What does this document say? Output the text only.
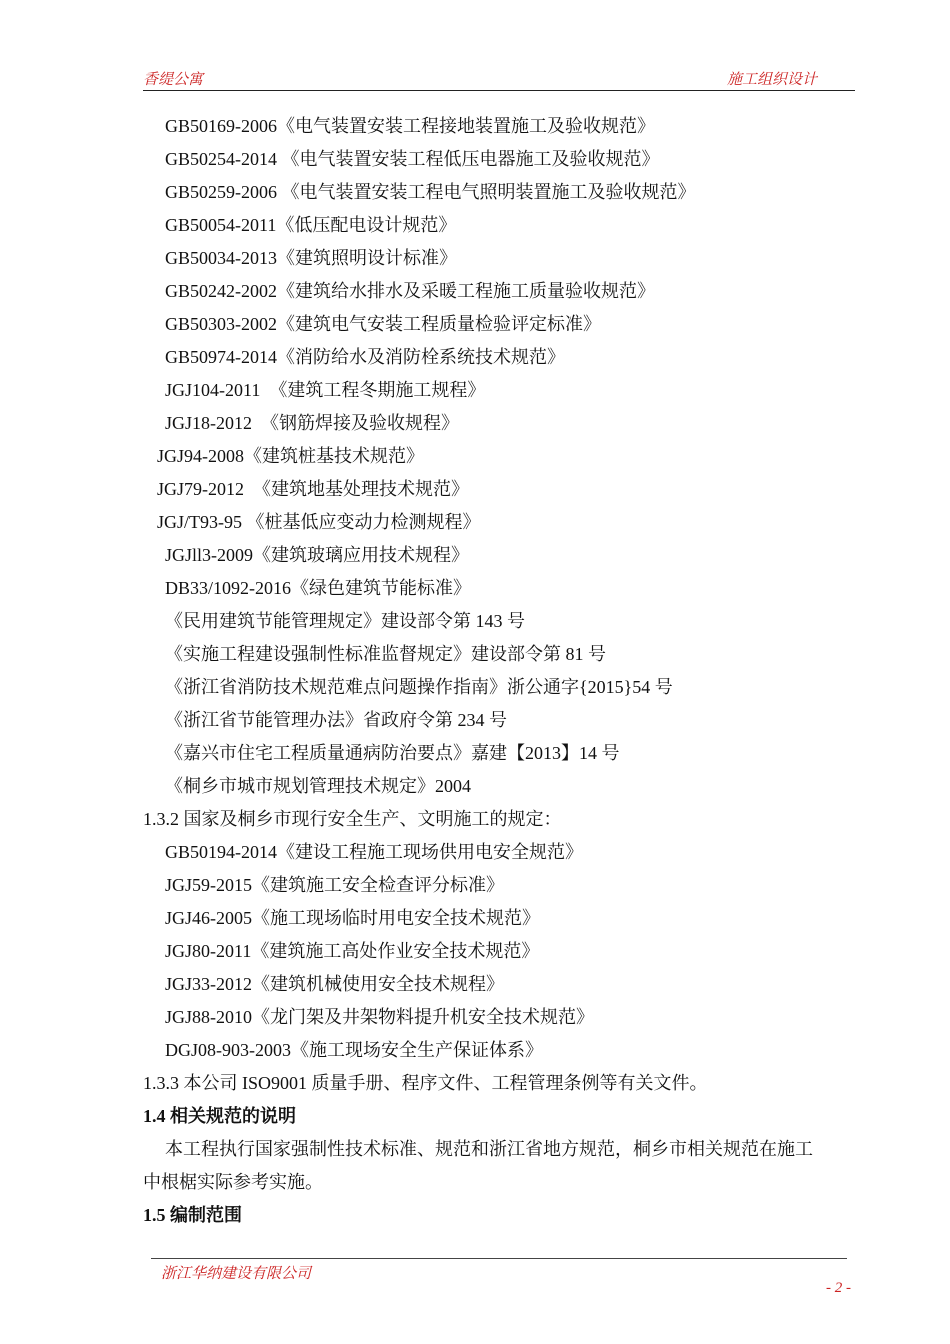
香缇公寓	施工组织设计
GB50169-2006《电气装置安装工程接地装置施工及验收规范》
GB50254-2014 《电气装置安装工程低压电器施工及验收规范》
GB50259-2006 《电气装置安装工程电气照明装置施工及验收规范》
GB50054-2011《低压配电设计规范》
GB50034-2013《建筑照明设计标准》
GB50242-2002《建筑给水排水及采暖工程施工质量验收规范》
GB50303-2002《建筑电气安装工程质量检验评定标准》
GB50974-2014《消防给水及消防栓系统技术规范》
JGJ104-2011  《建筑工程冬期施工规程》
JGJ18-2012  《钢筋焊接及验收规程》
JGJ94-2008《建筑桩基技术规范》
JGJ79-2012  《建筑地基处理技术规范》
JGJ/T93-95 《桩基低应变动力检测规程》
JGJll3-2009《建筑玻璃应用技术规程》
DB33/1092-2016《绿色建筑节能标准》
《民用建筑节能管理规定》建设部令第 143 号
《实施工程建设强制性标准监督规定》建设部令第 81 号
《浙江省消防技术规范难点问题操作指南》浙公通字{2015}54 号
《浙江省节能管理办法》省政府令第 234 号
《嘉兴市住宅工程质量通病防治要点》嘉建【2013】14 号
《桐乡市城市规划管理技术规定》2004
1.3.2 国家及桐乡市现行安全生产、文明施工的规定：
GB50194-2014《建设工程施工现场供用电安全规范》
JGJ59-2015《建筑施工安全检查评分标准》
JGJ46-2005《施工现场临时用电安全技术规范》
JGJ80-2011《建筑施工高处作业安全技术规范》
JGJ33-2012《建筑机械使用安全技术规程》
JGJ88-2010《龙门架及井架物料提升机安全技术规范》
DGJ08-903-2003《施工现场安全生产保证体系》
1.3.3 本公司 ISO9001 质量手册、程序文件、工程管理条例等有关文件。
1.4 相关规范的说明
本工程执行国家强制性技术标准、规范和浙江省地方规范，桐乡市相关规范在施工
中根椐实际参考实施。
1.5 编制范围
浙江华纳建设有限公司
- 2 -
